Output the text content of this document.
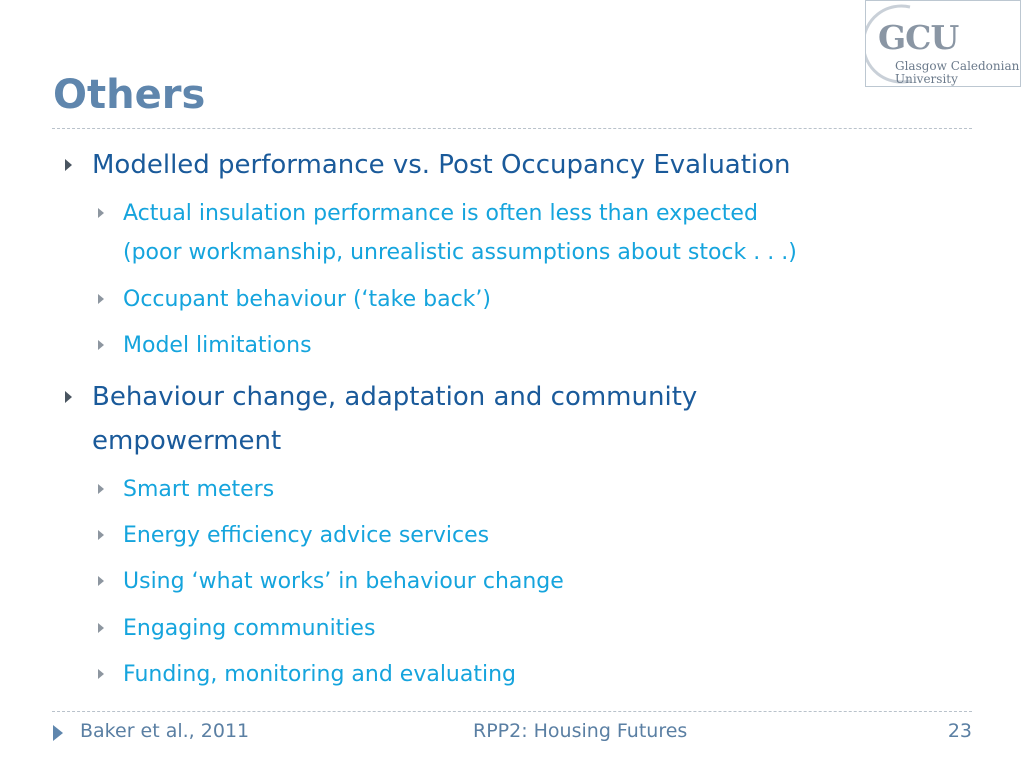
Others
GCU
Glasgow Caledonian
University

Modelled performance vs. Post Occupancy Evaluation

Actual insulation performance is often less than expected

(poor workmanship, unrealistic assumptions about stock . . .)

Occupant behaviour (‘take back’)

Model limitations

Behaviour change, adaptation and community

empowerment

Smart meters

Energy efficiency advice services

Using ‘what works’ in behaviour change

Engaging communities

Funding, monitoring and evaluating

Baker et al., 2011	RPP2: Housing Futures	23
